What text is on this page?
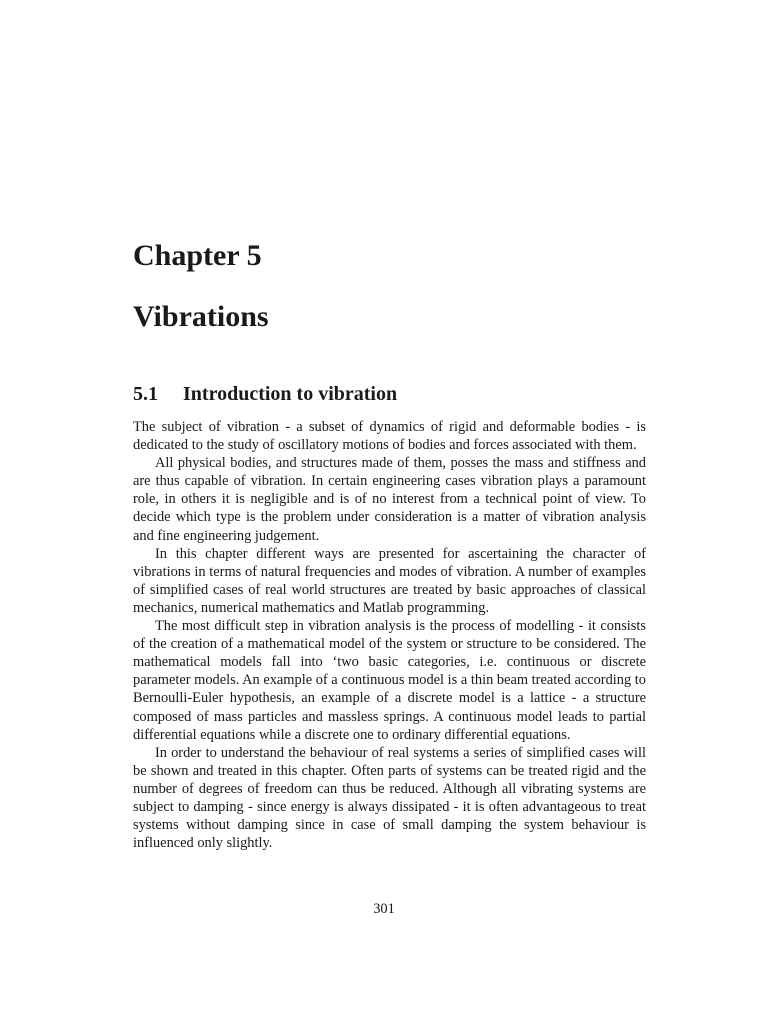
Chapter 5
Vibrations
5.1 Introduction to vibration

The subject of vibration - a subset of dynamics of rigid and deformable bodies - is dedicated to the study of oscillatory motions of bodies and forces associated with them.

All physical bodies, and structures made of them, posses the mass and stiffness and are thus capable of vibration. In certain engineering cases vibration plays a paramount role, in others it is negligible and is of no interest from a technical point of view. To decide which type is the problem under consideration is a matter of vibration analysis and fine engineering judgement.

In this chapter different ways are presented for ascertaining the character of vibrations in terms of natural frequencies and modes of vibration. A number of examples of simplified cases of real world structures are treated by basic approaches of classical mechanics, numerical mathematics and Matlab programming.

The most difficult step in vibration analysis is the process of modelling - it consists of the creation of a mathematical model of the system or structure to be considered. The mathematical models fall into ‘two basic categories, i.e. continuous or discrete parameter models. An example of a continuous model is a thin beam treated according to Bernoulli-Euler hypothesis, an example of a discrete model is a lattice - a structure composed of mass particles and massless springs. A continuous model leads to partial differential equations while a discrete one to ordinary differential equations.

In order to understand the behaviour of real systems a series of simplified cases will be shown and treated in this chapter. Often parts of systems can be treated rigid and the number of degrees of freedom can thus be reduced. Although all vibrating systems are subject to damping - since energy is always dissipated - it is often advantageous to treat systems without damping since in case of small damping the system behaviour is influenced only slightly.

301
